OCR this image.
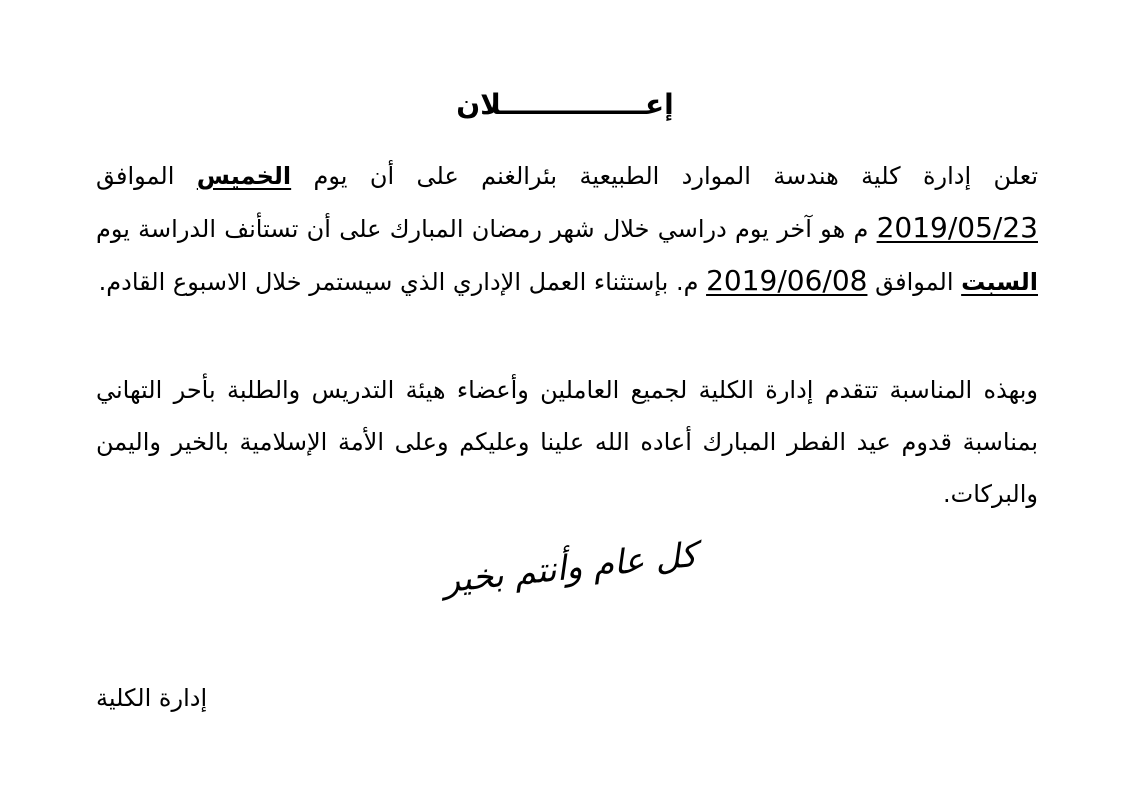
إعـــــــــــــــلان
تعلن إدارة كلية هندسة الموارد الطبيعية بئرالغنم على أن يوم الخميس الموافق 2019/05/23 م هو آخر يوم دراسي خلال شهر رمضان المبارك على أن تستأنف الدراسة يوم السبت الموافق 2019/06/08 م. بإستثناء العمل الإداري الذي سيستمر خلال الاسبوع القادم.
وبهذه المناسبة تتقدم إدارة الكلية لجميع العاملين وأعضاء هيئة التدريس والطلبة بأحر التهاني بمناسبة قدوم عيد الفطر المبارك أعاده الله علينا وعليكم وعلى الأمة الإسلامية بالخير واليمن والبركات.
كل عام وأنتم بخير
إدارة الكلية
